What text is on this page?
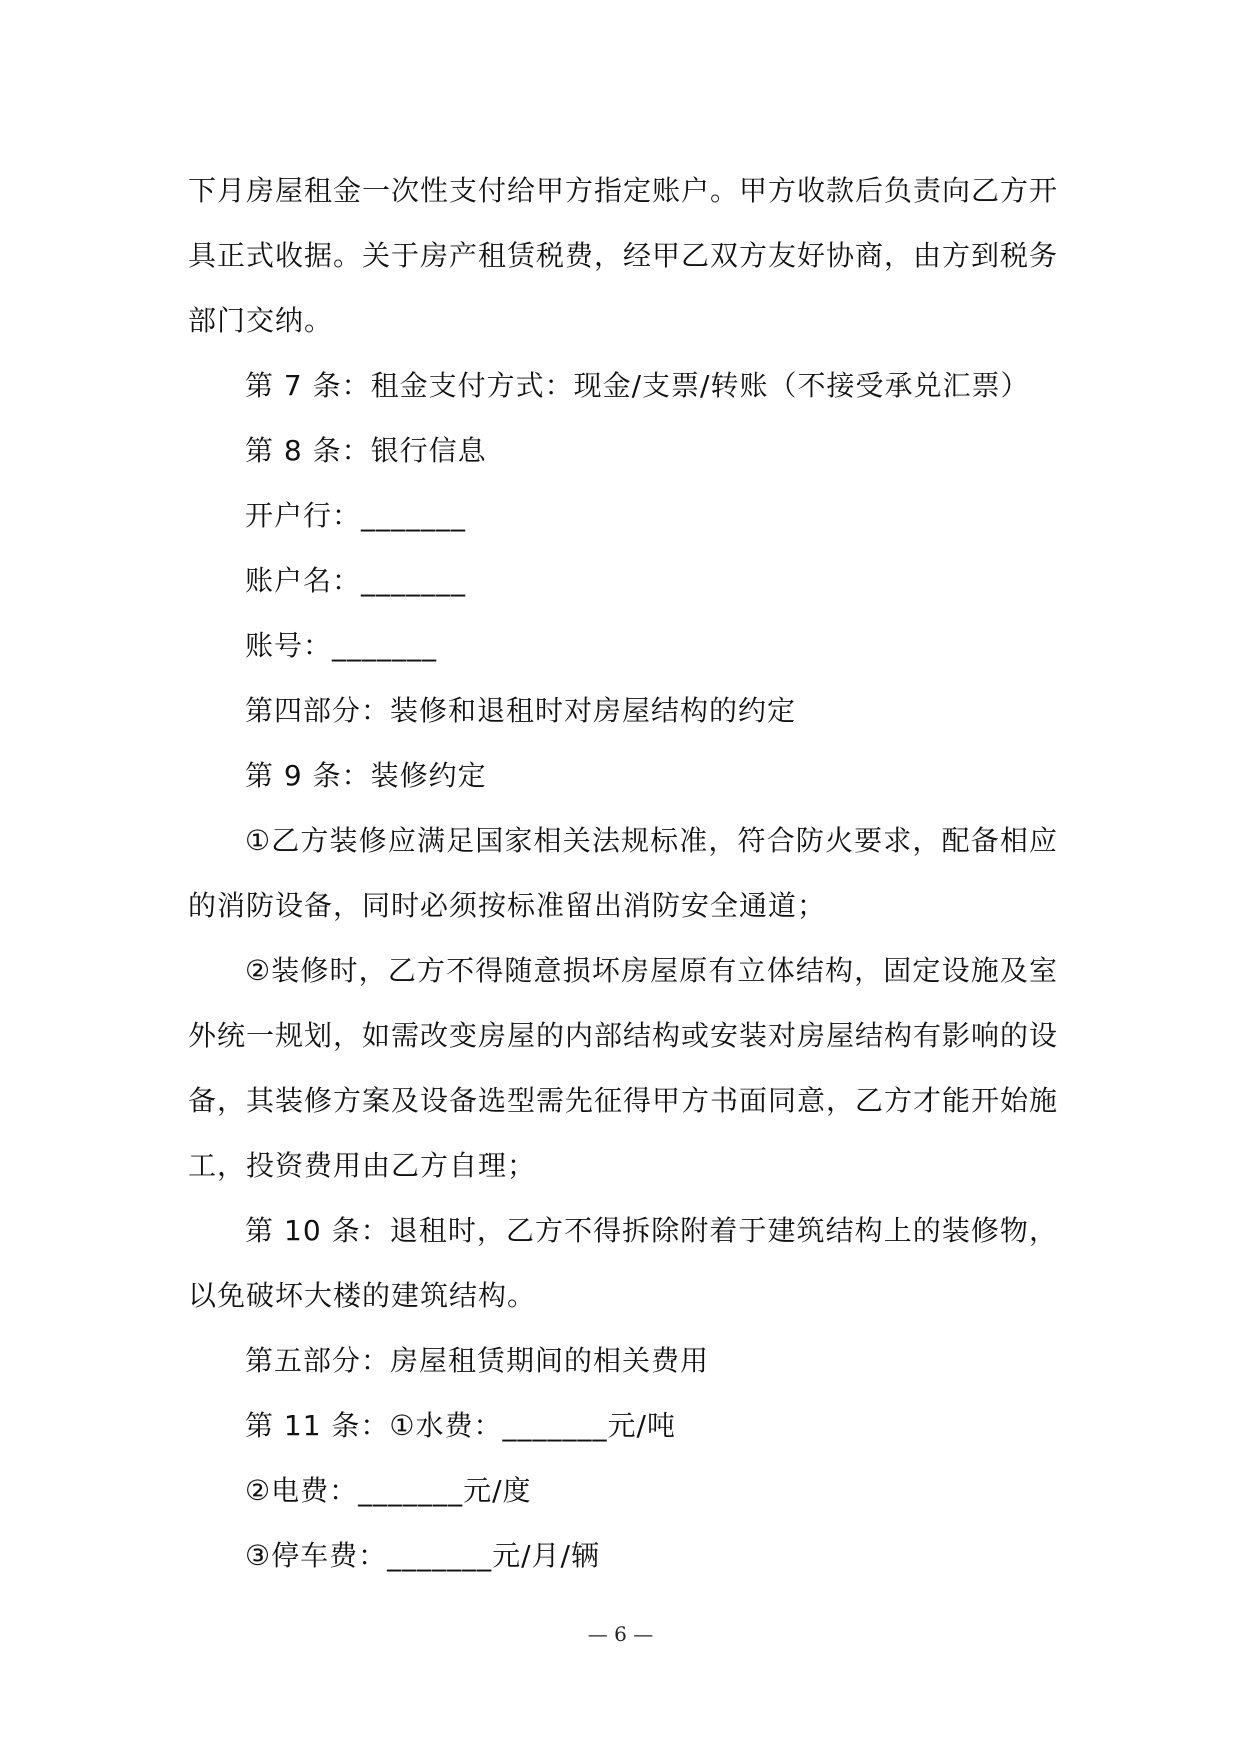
下月房屋租金一次性支付给甲方指定账户。甲方收款后负责向乙方开具正式收据。关于房产租赁税费，经甲乙双方友好协商，由方到税务部门交纳。

第 7 条：租金支付方式：现金/支票/转账（不接受承兑汇票）

第 8 条：银行信息

开户行：_______

账户名：_______

账号：_______

第四部分：装修和退租时对房屋结构的约定

第 9 条：装修约定

①乙方装修应满足国家相关法规标准，符合防火要求，配备相应的消防设备，同时必须按标准留出消防安全通道；

②装修时，乙方不得随意损坏房屋原有立体结构，固定设施及室外统一规划，如需改变房屋的内部结构或安装对房屋结构有影响的设备，其装修方案及设备选型需先征得甲方书面同意，乙方才能开始施工，投资费用由乙方自理；

第 10 条：退租时，乙方不得拆除附着于建筑结构上的装修物，以免破坏大楼的建筑结构。

第五部分：房屋租赁期间的相关费用

第 11 条：①水费：_______元/吨

②电费：_______元/度

③停车费：_______元/月/辆

— 6 —
